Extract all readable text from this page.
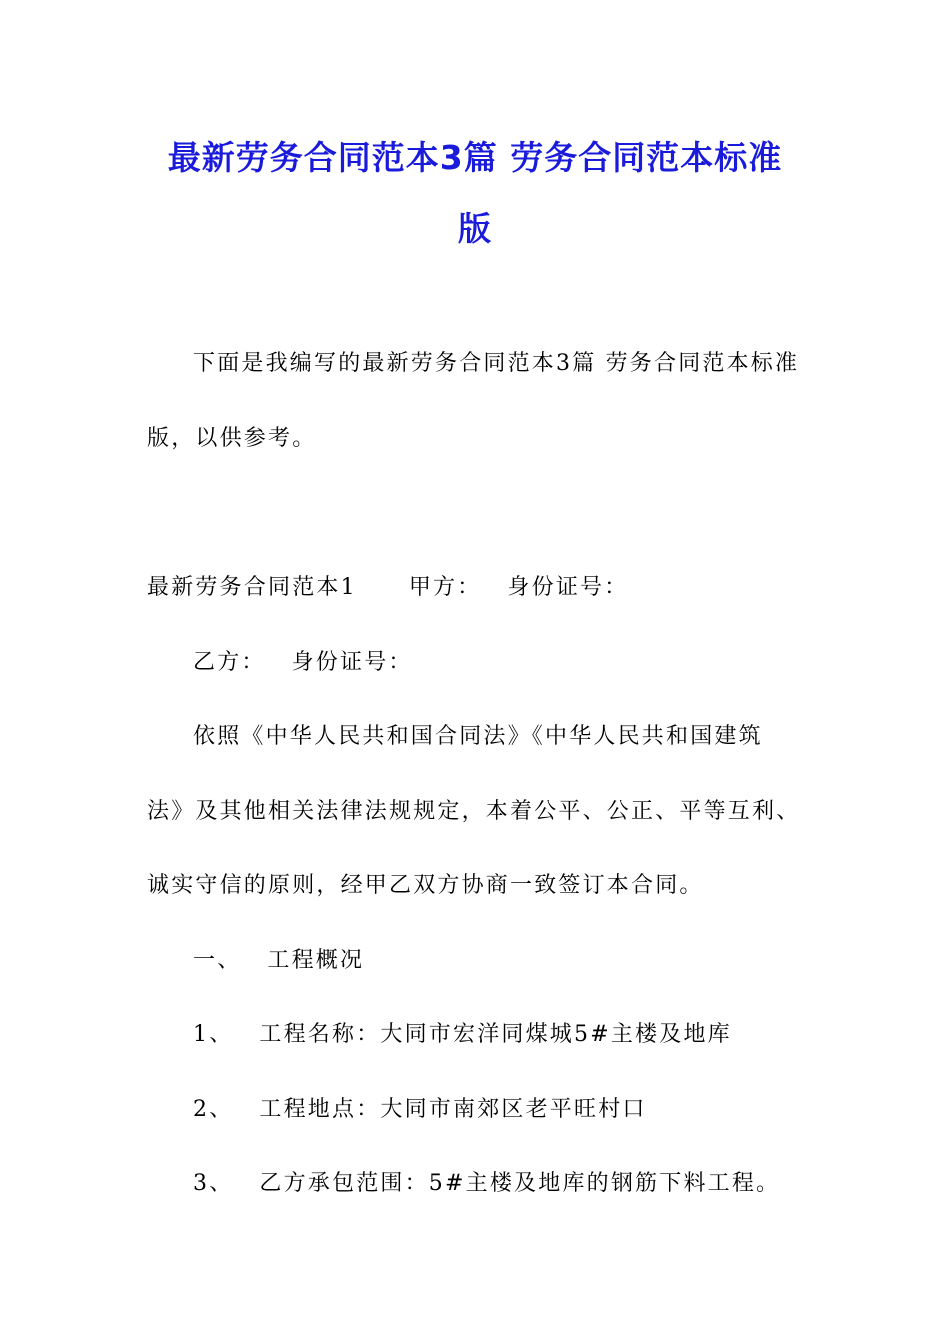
最新劳务合同范本3篇 劳务合同范本标准
版
下面是我编写的最新劳务合同范本3篇 劳务合同范本标准
版，以供参考。
最新劳务合同范本1 甲方： 身份证号：
乙方： 身份证号：
依照《中华人民共和国合同法》《中华人民共和国建筑
法》及其他相关法律法规规定，本着公平、公正、平等互利、
诚实守信的原则，经甲乙双方协商一致签订本合同。
一、 工程概况
1、 工程名称：大同市宏洋同煤城5#主楼及地库
2、 工程地点：大同市南郊区老平旺村口
3、 乙方承包范围：5#主楼及地库的钢筋下料工程。
